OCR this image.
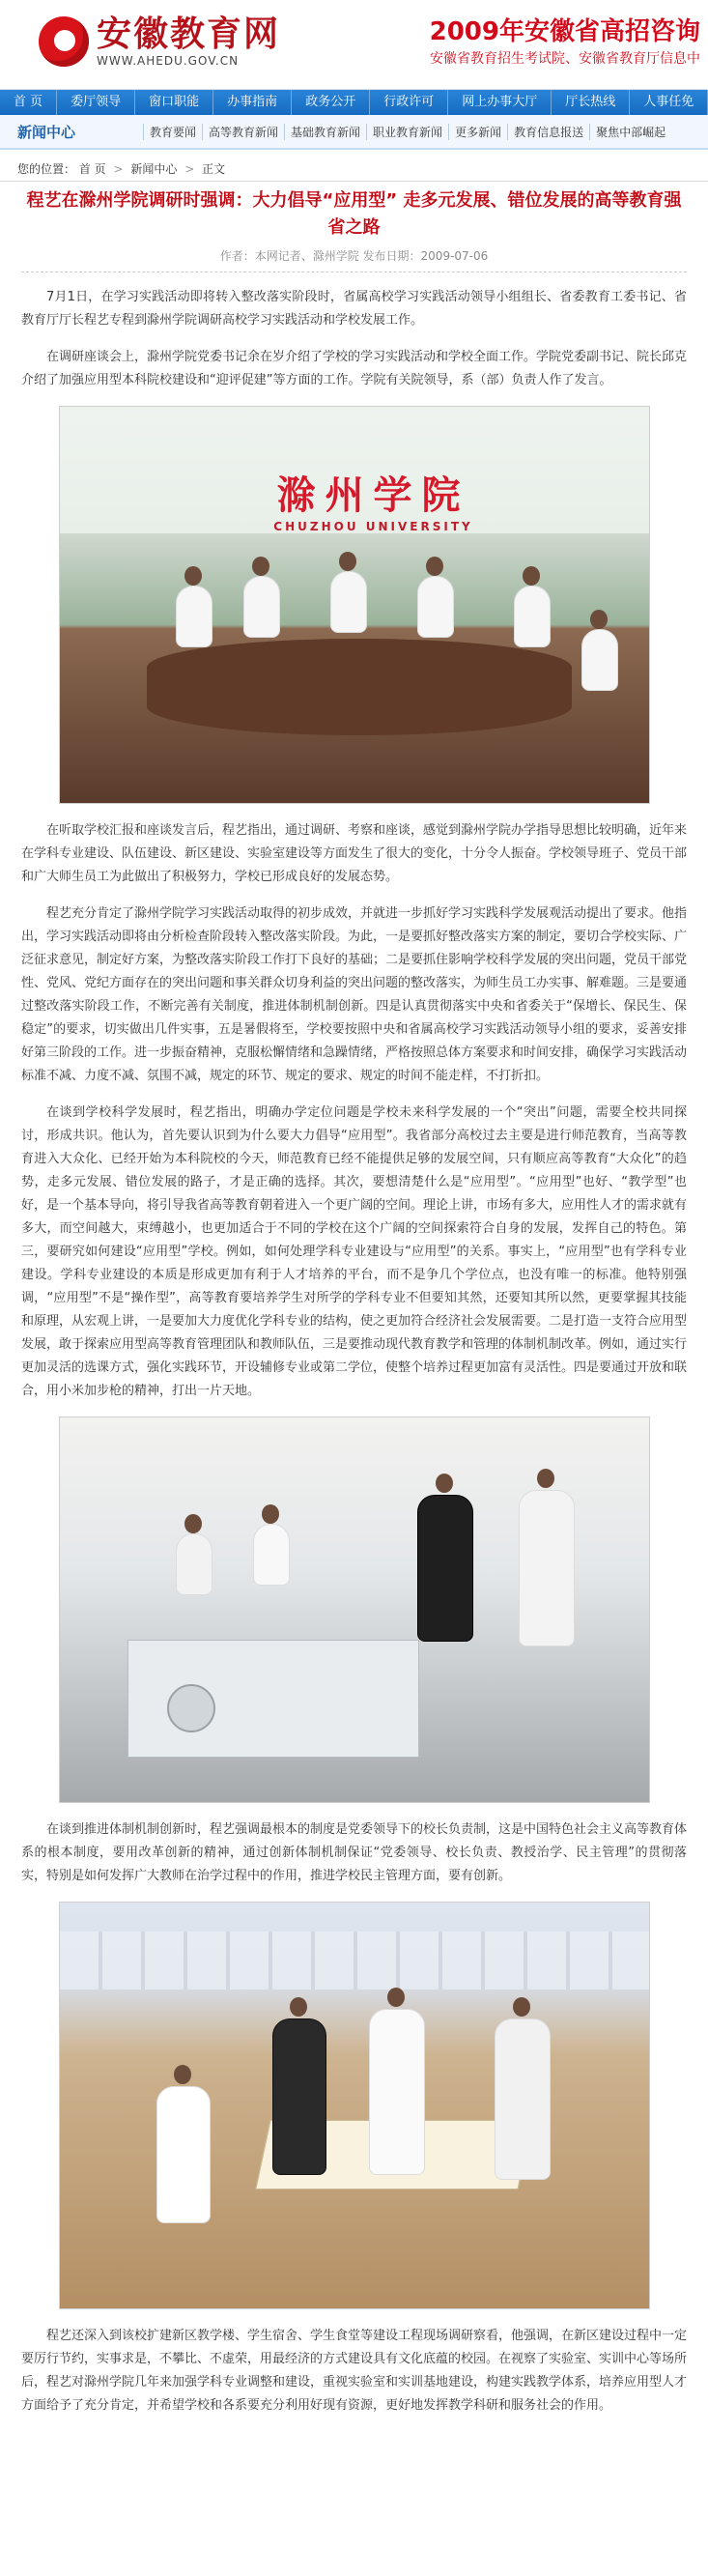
安徽教育网
WWW.AHEDU.GOV.CN
2009年安徽省高招咨询
安徽省教育招生考试院、安徽省教育厅信息中
首 页	委厅领导	窗口职能	办事指南	政务公开	行政许可	网上办事大厅	厅长热线	人事任免
新闻中心	教育要闻	高等教育新闻	基础教育新闻	职业教育新闻	更多新闻	教育信息报送	聚焦中部崛起
您的位置： 首 页 > 新闻中心 > 正文
程艺在滁州学院调研时强调：大力倡导“应用型” 走多元发展、错位发展的高等教育强省之路
作者：本网记者、滁州学院 发布日期：2009-07-06

7月1日，在学习实践活动即将转入整改落实阶段时，省属高校学习实践活动领导小组组长、省委教育工委书记、省教育厅厅长程艺专程到滁州学院调研高校学习实践活动和学校发展工作。

在调研座谈会上，滁州学院党委书记余在岁介绍了学校的学习实践活动和学校全面工作。学院党委副书记、院长邱克介绍了加强应用型本科院校建设和“迎评促建”等方面的工作。学院有关院领导，系（部）负责人作了发言。

滁州学院
CHUZHOU UNIVERSITY

在听取学校汇报和座谈发言后，程艺指出，通过调研、考察和座谈，感觉到滁州学院办学指导思想比较明确，近年来在学科专业建设、队伍建设、新区建设、实验室建设等方面发生了很大的变化，十分令人振奋。学校领导班子、党员干部和广大师生员工为此做出了积极努力，学校已形成良好的发展态势。

程艺充分肯定了滁州学院学习实践活动取得的初步成效，并就进一步抓好学习实践科学发展观活动提出了要求。他指出，学习实践活动即将由分析检查阶段转入整改落实阶段。为此，一是要抓好整改落实方案的制定，要切合学校实际、广泛征求意见，制定好方案，为整改落实阶段工作打下良好的基础；二是要抓住影响学校科学发展的突出问题，党员干部党性、党风、党纪方面存在的突出问题和事关群众切身利益的突出问题的整改落实，为师生员工办实事、解难题。三是要通过整改落实阶段工作，不断完善有关制度，推进体制机制创新。四是认真贯彻落实中央和省委关于“保增长、保民生、保稳定”的要求，切实做出几件实事，五是暑假将至，学校要按照中央和省属高校学习实践活动领导小组的要求，妥善安排好第三阶段的工作。进一步振奋精神，克服松懈情绪和急躁情绪，严格按照总体方案要求和时间安排，确保学习实践活动标准不减、力度不减、氛围不减，规定的环节、规定的要求、规定的时间不能走样，不打折扣。

在谈到学校科学发展时，程艺指出，明确办学定位问题是学校未来科学发展的一个“突出”问题，需要全校共同探讨，形成共识。他认为，首先要认识到为什么要大力倡导“应用型”。我省部分高校过去主要是进行师范教育，当高等教育进入大众化、已经开始为本科院校的今天，师范教育已经不能提供足够的发展空间，只有顺应高等教育“大众化”的趋势，走多元发展、错位发展的路子，才是正确的选择。其次，要想清楚什么是“应用型”。“应用型”也好、“教学型”也好，是一个基本导向，将引导我省高等教育朝着进入一个更广阔的空间。理论上讲，市场有多大，应用性人才的需求就有多大，而空间越大，束缚越小，也更加适合于不同的学校在这个广阔的空间探索符合自身的发展，发挥自己的特色。第三，要研究如何建设“应用型”学校。例如，如何处理学科专业建设与“应用型”的关系。事实上，“应用型”也有学科专业建设。学科专业建设的本质是形成更加有利于人才培养的平台，而不是争几个学位点，也没有唯一的标准。他特别强调，“应用型”不是“操作型”，高等教育要培养学生对所学的学科专业不但要知其然，还要知其所以然，更要掌握其技能和原理，从宏观上讲，一是要加大力度优化学科专业的结构，使之更加符合经济社会发展需要。二是打造一支符合应用型发展，敢于探索应用型高等教育管理团队和教师队伍，三是要推动现代教育教学和管理的体制机制改革。例如，通过实行更加灵活的选课方式，强化实践环节，开设辅修专业或第二学位，使整个培养过程更加富有灵活性。四是要通过开放和联合，用小米加步枪的精神，打出一片天地。

在谈到推进体制机制创新时，程艺强调最根本的制度是党委领导下的校长负责制，这是中国特色社会主义高等教育体系的根本制度，要用改革创新的精神，通过创新体制机制保证“党委领导、校长负责、教授治学、民主管理”的贯彻落实，特别是如何发挥广大教师在治学过程中的作用，推进学校民主管理方面，要有创新。

程艺还深入到该校扩建新区教学楼、学生宿舍、学生食堂等建设工程现场调研察看，他强调，在新区建设过程中一定要厉行节约，实事求是，不攀比、不虚荣，用最经济的方式建设具有文化底蕴的校园。在视察了实验室、实训中心等场所后，程艺对滁州学院几年来加强学科专业调整和建设，重视实验室和实训基地建设，构建实践教学体系，培养应用型人才方面给予了充分肯定，并希望学校和各系要充分利用好现有资源，更好地发挥教学科研和服务社会的作用。
